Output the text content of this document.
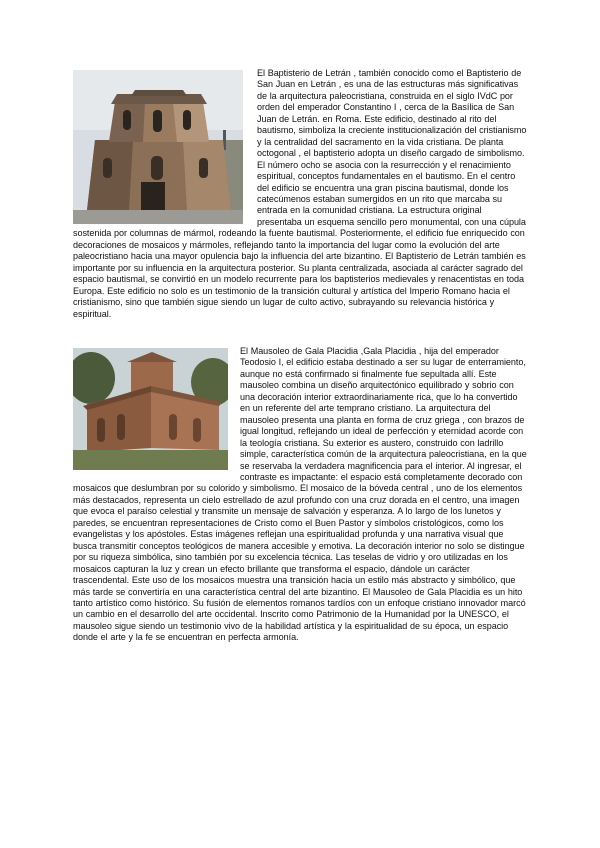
El Baptisterio de Letrán , también conocido como el Baptisterio de San Juan en Letrán , es una de las estructuras más significativas de la arquitectura paleocristiana, construida en el siglo IVdC por orden del emperador Constantino I , cerca de la Basílica de San Juan de Letrán. en Roma. Este edificio, destinado al rito del bautismo, simboliza la creciente institucionalización del cristianismo y la centralidad del sacramento en la vida cristiana. De planta octogonal , el baptisterio adopta un diseño cargado de simbolismo. El número ocho se asocia con la resurrección y el renacimiento espiritual, conceptos fundamentales en el bautismo. En el centro del edificio se encuentra una gran piscina bautismal, donde los catecúmenos estaban sumergidos en un rito que marcaba su entrada en la comunidad cristiana. La estructura original presentaba un esquema sencillo pero monumental, con una cúpula sostenida por columnas de mármol, rodeando la fuente bautismal. Posteriormente, el edificio fue enriquecido con decoraciones de mosaicos y mármoles, reflejando tanto la importancia del lugar como la evolución del arte paleocristiano hacia una mayor opulencia bajo la influencia del arte bizantino. El Baptisterio de Letrán también es importante por su influencia en la arquitectura posterior. Su planta centralizada, asociada al carácter sagrado del espacio bautismal, se convirtió en un modelo recurrente para los baptisterios medievales y renacentistas en toda Europa. Este edificio no solo es un testimonio de la transición cultural y artística del Imperio Romano hacia el cristianismo, sino que también sigue siendo un lugar de culto activo, subrayando su relevancia histórica y espiritual.

El Mausoleo de Gala Placidia ,Gala Placidia , hija del emperador Teodosio I, el edificio estaba destinado a ser su lugar de enterramiento, aunque no está confirmado si finalmente fue sepultada allí. Este mausoleo combina un diseño arquitectónico equilibrado y sobrio con una decoración interior extraordinariamente rica, que lo ha convertido en un referente del arte temprano cristiano. La arquitectura del mausoleo presenta una planta en forma de cruz griega , con brazos de igual longitud, reflejando un ideal de perfección y eternidad acorde con la teología cristiana. Su exterior es austero, construido con ladrillo simple, característica común de la arquitectura paleocristiana, en la que se reservaba la verdadera magnificencia para el interior. Al ingresar, el contraste es impactante: el espacio está completamente decorado con mosaicos que deslumbran por su colorido y simbolismo. El mosaico de la bóveda central , uno de los elementos más destacados, representa un cielo estrellado de azul profundo con una cruz dorada en el centro, una imagen que evoca el paraíso celestial y transmite un mensaje de salvación y esperanza. A lo largo de los lunetos y paredes, se encuentran representaciones de Cristo como el Buen Pastor y símbolos cristológicos, como los evangelistas y los apóstoles. Estas imágenes reflejan una espiritualidad profunda y una narrativa visual que busca transmitir conceptos teológicos de manera accesible y emotiva. La decoración interior no solo se distingue por su riqueza simbólica, sino también por su excelencia técnica. Las teselas de vidrio y oro utilizadas en los mosaicos capturan la luz y crean un efecto brillante que transforma el espacio, dándole un carácter trascendental. Este uso de los mosaicos muestra una transición hacia un estilo más abstracto y simbólico, que más tarde se convertiría en una característica central del arte bizantino. El Mausoleo de Gala Placidia es un hito tanto artístico como histórico. Su fusión de elementos romanos tardíos con un enfoque cristiano innovador marcó un cambio en el desarrollo del arte occidental. Inscrito como Patrimonio de la Humanidad por la UNESCO, el mausoleo sigue siendo un testimonio vivo de la habilidad artística y la espiritualidad de su época, un espacio donde el arte y la fe se encuentran en perfecta armonía.
